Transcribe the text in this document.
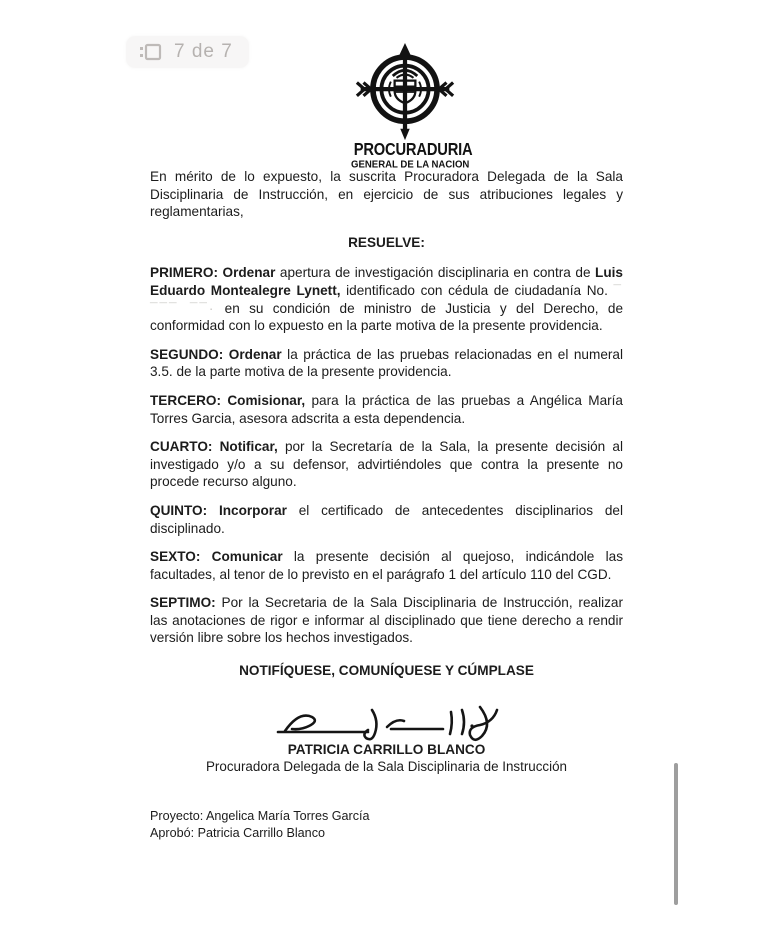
7 de 7
PROCURADURIA
GENERAL DE LA NACION

En mérito de lo expuesto, la suscrita Procuradora Delegada de la Sala Disciplinaria de Instrucción, en ejercicio de sus atribuciones legales y reglamentarias,

RESUELVE:

PRIMERO: Ordenar apertura de investigación disciplinaria en contra de Luis Eduardo Montealegre Lynett, identificado con cédula de ciudadanía No. ¯ ¯¯¯ ¯¯· en su condición de ministro de Justicia y del Derecho, de conformidad con lo expuesto en la parte motiva de la presente providencia.

SEGUNDO: Ordenar la práctica de las pruebas relacionadas en el numeral 3.5. de la parte motiva de la presente providencia.

TERCERO: Comisionar, para la práctica de las pruebas a Angélica María Torres Garcia, asesora adscrita a esta dependencia.

CUARTO: Notificar, por la Secretaría de la Sala, la presente decisión al investigado y/o a su defensor, advirtiéndoles que contra la presente no procede recurso alguno.

QUINTO: Incorporar el certificado de antecedentes disciplinarios del disciplinado.

SEXTO: Comunicar la presente decisión al quejoso, indicándole las facultades, al tenor de lo previsto en el parágrafo 1 del artículo 110 del CGD.

SEPTIMO: Por la Secretaria de la Sala Disciplinaria de Instrucción, realizar las anotaciones de rigor e informar al disciplinado que tiene derecho a rendir versión libre sobre los hechos investigados.

NOTIFÍQUESE, COMUNÍQUESE Y CÚMPLASE

PATRICIA CARRILLO BLANCO
Procuradora Delegada de la Sala Disciplinaria de Instrucción
Proyecto: Angelica María Torres García
Aprobó: Patricia Carrillo Blanco
